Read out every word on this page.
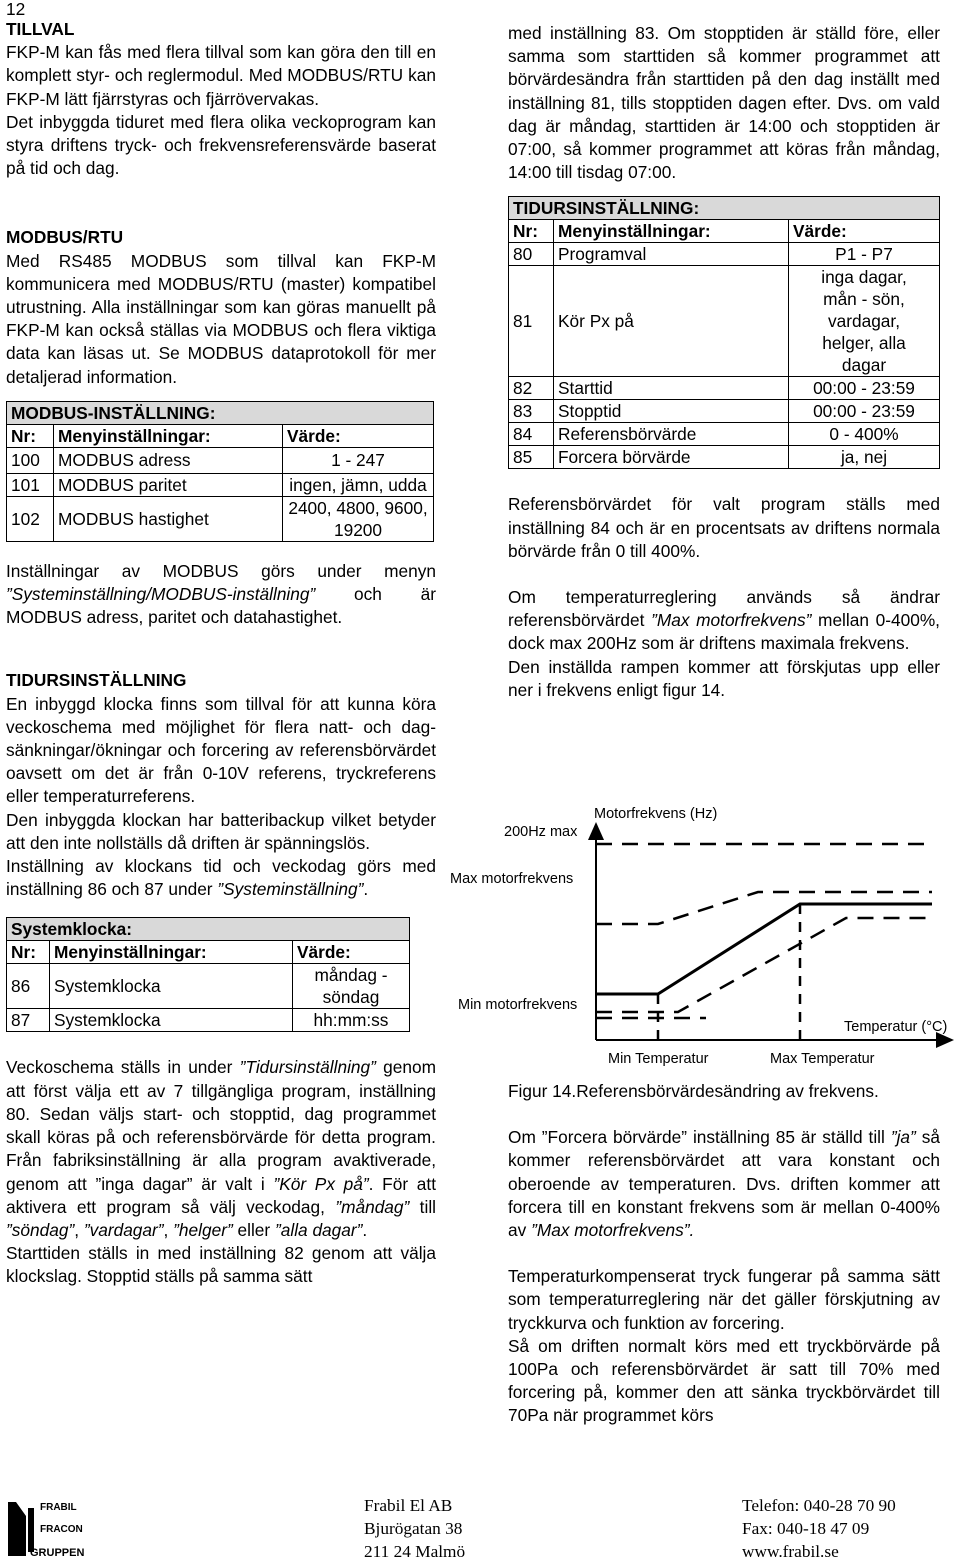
12

TILLVAL

FKP-M kan fås med flera tillval som kan göra den till en komplett styr- och reglermodul. Med MODBUS/RTU kan FKP-M lätt fjärrstyras och fjärrövervakas.

Det inbyggda tiduret med flera olika veckoprogram kan styra driftens tryck- och frekvensreferensvärde baserat på tid och dag.

MODBUS/RTU

Med RS485 MODBUS som tillval kan FKP-M kommunicera med MODBUS/RTU (master) kompatibel utrustning. Alla inställningar som kan göras manuellt på FKP-M kan också ställas via MODBUS och flera viktiga data kan läsas ut. Se MODBUS dataprotokoll för mer detaljerad information.

MODBUS-INSTÄLLNING:		
Nr:	Menyinställningar:	Värde:
100	MODBUS adress	1 - 247
101	MODBUS paritet	ingen, jämn, udda
102	MODBUS hastighet	2400, 4800, 9600, 19200

Inställningar av MODBUS görs under menyn ”Systeminställning/MODBUS-inställning” och är MODBUS adress, paritet och datahastighet.

TIDURSINSTÄLLNING

En inbyggd klocka finns som tillval för att kunna köra veckoschema med möjlighet för flera natt- och dag-sänkningar/ökningar och forcering av referensbörvärdet oavsett om det är från 0-10V referens, tryckreferens eller temperaturreferens.

Den inbyggda klockan har batteribackup vilket betyder att den inte nollställs då driften är spänningslös.

Inställning av klockans tid och veckodag görs med inställning 86 och 87 under ”Systeminställning”.

Systemklocka:		
Nr:	Menyinställningar:	Värde:
86	Systemklocka	måndag - söndag
87	Systemklocka	hh:mm:ss

Veckoschema ställs in under ”Tidursinställning” genom att först välja ett av 7 tillgängliga program, inställning 80. Sedan väljs start- och stopptid, dag programmet skall köras på och referensbörvärde för detta program. Från fabriksinställning är alla program avaktiverade, genom att ”inga dagar” är valt i ”Kör Px på”. För att aktivera ett program så välj veckodag, ”måndag” till ”söndag”, ”vardagar”, ”helger” eller ”alla dagar”.

Starttiden ställs in med inställning 82 genom att välja klockslag. Stopptid ställs på samma sätt

med inställning 83. Om stopptiden är ställd före, eller samma som starttiden så kommer programmet att börvärdesändra från starttiden på den dag inställt med inställning 81, tills stopptiden dagen efter. Dvs. om vald dag är måndag, starttiden är 14:00 och stopptiden är 07:00, så kommer programmet att köras från måndag, 14:00 till tisdag 07:00.

TIDURSINSTÄLLNING:		
Nr:	Menyinställningar:	Värde:
80	Programval	P1 - P7
81	Kör Px på	inga dagar, mån - sön, vardagar, helger, alla dagar
82	Starttid	00:00 - 23:59
83	Stopptid	00:00 - 23:59
84	Referensbörvärde	0 - 400%
85	Forcera börvärde	ja, nej

Referensbörvärdet för valt program ställs med inställning 84 och är en procentsats av driftens normala börvärde från 0 till 400%.

Om temperaturreglering används så ändrar referensbörvärdet ”Max motorfrekvens” mellan 0-400%, dock max 200Hz som är driftens maximala frekvens.

Den inställda rampen kommer att förskjutas upp eller ner i frekvens enligt figur 14.

Motorfrekvens (Hz)
200Hz max
Max motorfrekvens
Min motorfrekvens
Temperatur (°C)
Min Temperatur	Max Temperatur

Figur 14.Referensbörvärdesändring av frekvens.

Om ”Forcera börvärde” inställning 85 är ställd till ”ja” så kommer referensbörvärdet att vara konstant och oberoende av temperaturen. Dvs. driften kommer att forcera till en konstant frekvens som är mellan 0-400% av ”Max motorfrekvens”.

Temperaturkompenserat tryck fungerar på samma sätt som temperaturreglering när det gäller förskjutning av tryckkurva och funktion av forcering.

Så om driften normalt körs med ett tryckbörvärde på 100Pa och referensbörvärdet är satt till 70% med forcering på, kommer den att sänka tryckbörvärdet till 70Pa när programmet körs

FRABIL
FRACON
GRUPPEN
Frabil El AB
Bjurögatan 38
211 24 Malmö
Telefon: 040-28 70 90
Fax: 040-18 47 09
www.frabil.se
